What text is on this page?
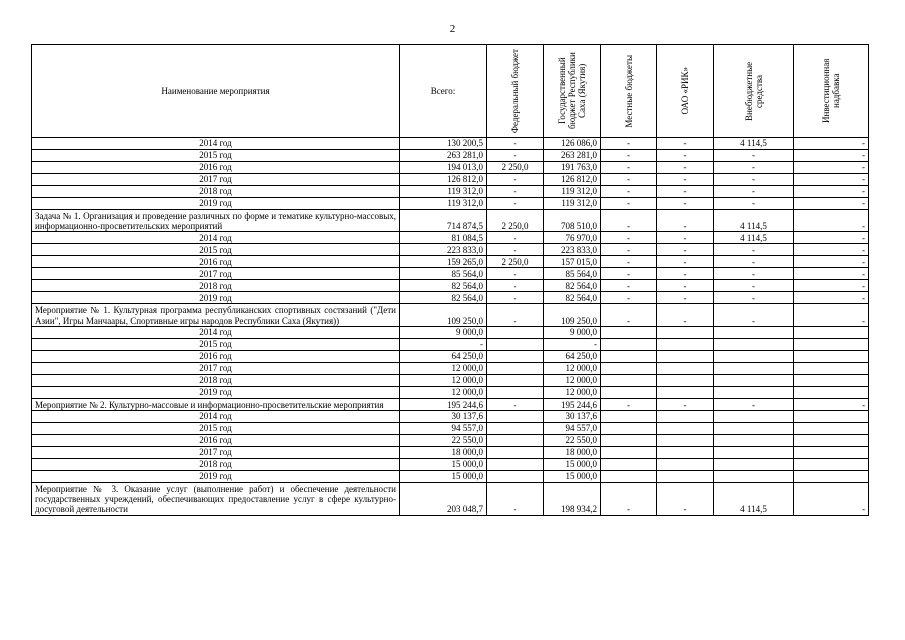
2
Наименование мероприятия	Всего:	Федеральный бюджет	Государственный бюджет Республики Саха (Якутия)	Местные бюджеты	ОАО «РИК»	Внебюджетные средства	Инвестиционная надбавка

2014 год	130 200,5	-	126 086,0	-	-	4 114,5	-
2015 год	263 281,0	-	263 281,0	-	-	-	-
2016 год	194 013,0	2 250,0	191 763,0	-	-	-	-
2017 год	126 812,0	-	126 812,0	-	-	-	-
2018 год	119 312,0	-	119 312,0	-	-	-	-
2019 год	119 312,0	-	119 312,0	-	-	-	-
Задача № 1. Организация и проведение различных по форме и тематике культурно-массовых, информационно-просветительских мероприятий	714 874,5	2 250,0	708 510,0	-	-	4 114,5	-
2014 год	81 084,5	-	76 970,0	-	-	4 114,5	-
2015 год	223 833,0	-	223 833,0	-	-	-	-
2016 год	159 265,0	2 250,0	157 015,0	-	-	-	-
2017 год	85 564,0	-	85 564,0	-	-	-	-
2018 год	82 564,0	-	82 564,0	-	-	-	-
2019 год	82 564,0	-	82 564,0	-	-	-	-
Мероприятие № 1. Культурная программа республиканских спортивных состязаний ("Дети Азии", Игры Манчаары, Спортивные игры народов Республики Саха (Якутия))	109 250,0	-	109 250,0	-	-	-	-
2014 год	9 000,0		9 000,0				
2015 год	-		-				
2016 год	64 250,0		64 250,0				
2017 год	12 000,0		12 000,0				
2018 год	12 000,0		12 000,0				
2019 год	12 000,0		12 000,0				
Мероприятие № 2. Культурно-массовые и информационно-просветительские мероприятия	195 244,6	-	195 244,6	-	-	-	-
2014 год	30 137,6		30 137,6				
2015 год	94 557,0		94 557,0				
2016 год	22 550,0		22 550,0				
2017 год	18 000,0		18 000,0				
2018 год	15 000,0		15 000,0				
2019 год	15 000,0		15 000,0				
Мероприятие № 3. Оказание услуг (выполнение работ) и обеспечение деятельности государственных учреждений, обеспечивающих предоставление услуг в сфере культурно-досуговой деятельности	203 048,7	-	198 934,2	-	-	4 114,5	-
